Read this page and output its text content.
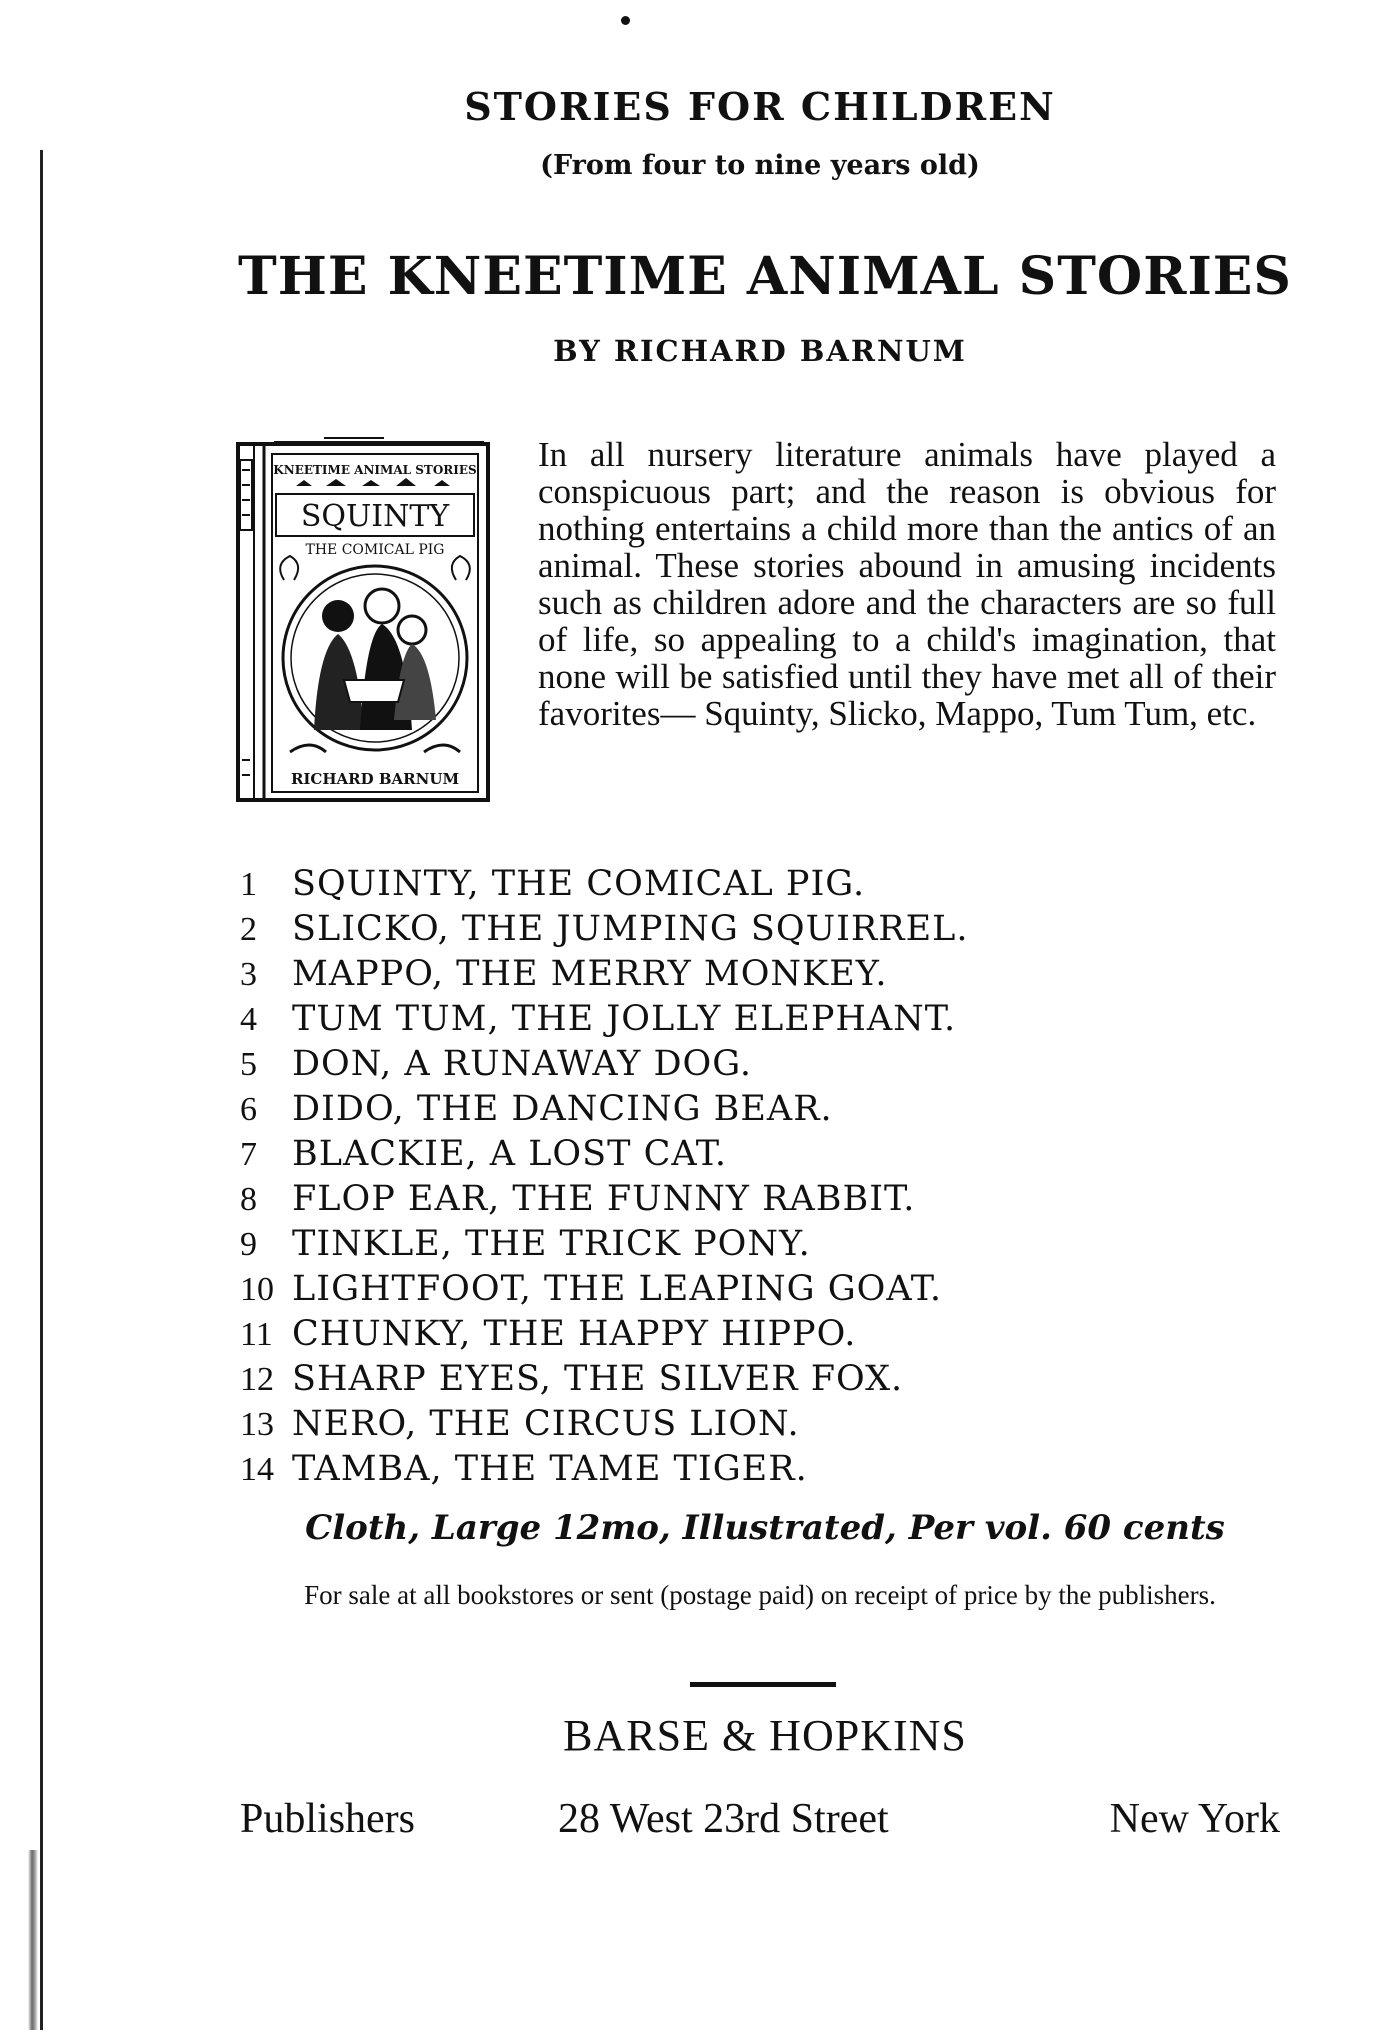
STORIES FOR CHILDREN
(From four to nine years old)
THE KNEETIME ANIMAL STORIES
BY RICHARD BARNUM
KNEETIME ANIMAL STORIES
SQUINTY
THE COMICAL PIG
RICHARD BARNUM
In all nursery literature animals have played a conspicuous part; and the reason is obvious for nothing entertains a child more than the antics of an animal. These stories abound in amusing incidents such as children adore and the characters are so full of life, so appealing to a child's imagination, that none will be satisfied until they have met all of their favorites— Squinty, Slicko, Mappo, Tum Tum, etc.
1 SQUINTY, THE COMICAL PIG.
2 SLICKO, THE JUMPING SQUIRREL.
3 MAPPO, THE MERRY MONKEY.
4 TUM TUM, THE JOLLY ELEPHANT.
5 DON, A RUNAWAY DOG.
6 DIDO, THE DANCING BEAR.
7 BLACKIE, A LOST CAT.
8 FLOP EAR, THE FUNNY RABBIT.
9 TINKLE, THE TRICK PONY.
10 LIGHTFOOT, THE LEAPING GOAT.
11 CHUNKY, THE HAPPY HIPPO.
12 SHARP EYES, THE SILVER FOX.
13 NERO, THE CIRCUS LION.
14 TAMBA, THE TAME TIGER.
Cloth, Large 12mo, Illustrated, Per vol. 60 cents
For sale at all bookstores or sent (postage paid) on receipt of price by the publishers.
BARSE & HOPKINS
Publishers	28 West 23rd Street	New York
